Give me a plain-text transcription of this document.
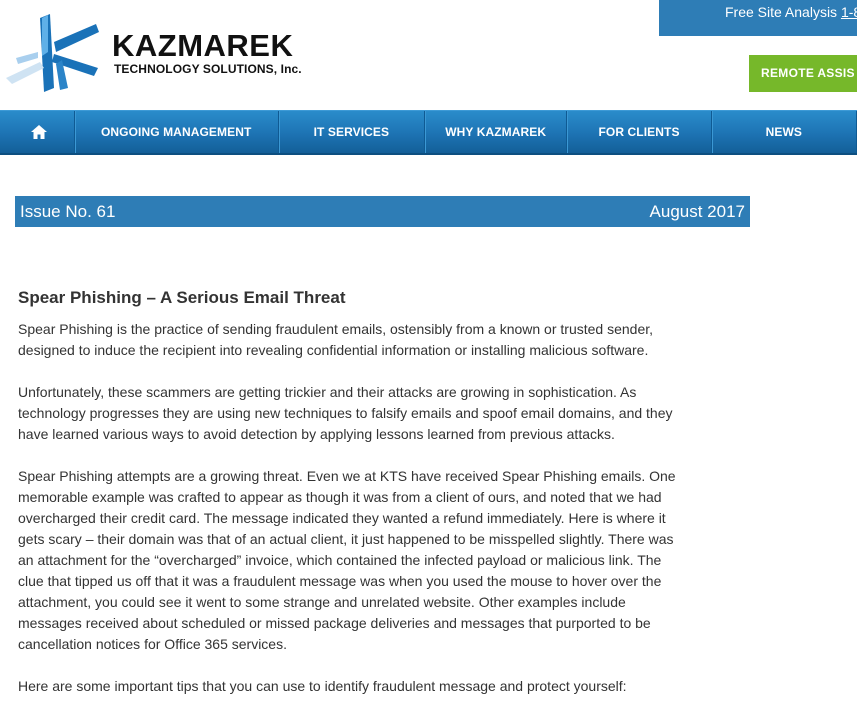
KAZMAREK
TECHNOLOGY SOLUTIONS, Inc.
Free Site Analysis 1-8
REMOTE ASSIS
ONGOING MANAGEMENT	IT SERVICES	WHY KAZMAREK	FOR CLIENTS	NEWS
Issue No. 61	August 2017
Spear Phishing – A Serious Email Threat

Spear Phishing is the practice of sending fraudulent emails, ostensibly from a known or trusted sender, designed to induce the recipient into revealing confidential information or installing malicious software.

Unfortunately, these scammers are getting trickier and their attacks are growing in sophistication. As technology progresses they are using new techniques to falsify emails and spoof email domains, and they have learned various ways to avoid detection by applying lessons learned from previous attacks.

Spear Phishing attempts are a growing threat. Even we at KTS have received Spear Phishing emails. One memorable example was crafted to appear as though it was from a client of ours, and noted that we had overcharged their credit card. The message indicated they wanted a refund immediately. Here is where it gets scary – their domain was that of an actual client, it just happened to be misspelled slightly. There was an attachment for the “overcharged” invoice, which contained the infected payload or malicious link. The clue that tipped us off that it was a fraudulent message was when you used the mouse to hover over the attachment, you could see it went to some strange and unrelated website. Other examples include messages received about scheduled or missed package deliveries and messages that purported to be cancellation notices for Office 365 services.

Here are some important tips that you can use to identify fraudulent message and protect yourself:
